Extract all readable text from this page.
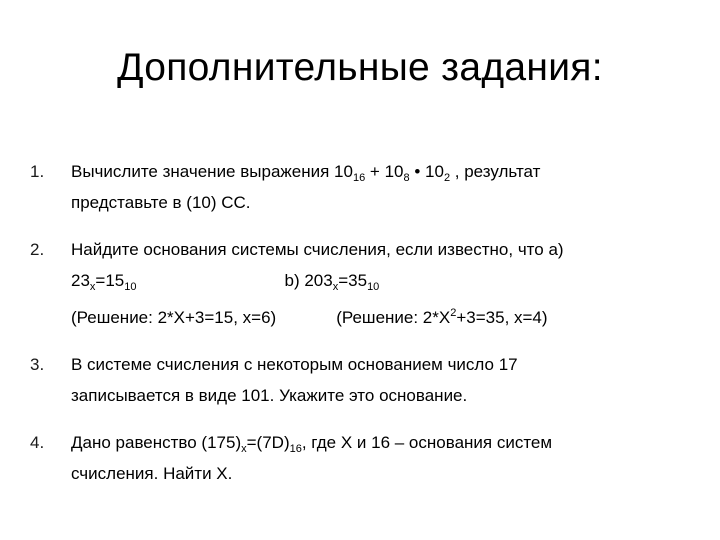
Дополнительные задания:
1. Вычислите значение выражения $10_{16} + 10_8$ • $10_2$ , результат
представьте в (10) СС.
2. Найдите основания системы счисления, если известно, что а)
$23_x=15_{10}$	b) $203_x=35_{10}$
(Решение: 2*X+3=15, x=6)	(Решение: $2*X^2+3=35$, x=4)
3. В системе счисления с некоторым основанием число 17
записывается в виде 101. Укажите это основание.
4. Дано равенство $(175)_x=(7D)_{16}$, где X и 16 – основания систем
счисления. Найти X.
